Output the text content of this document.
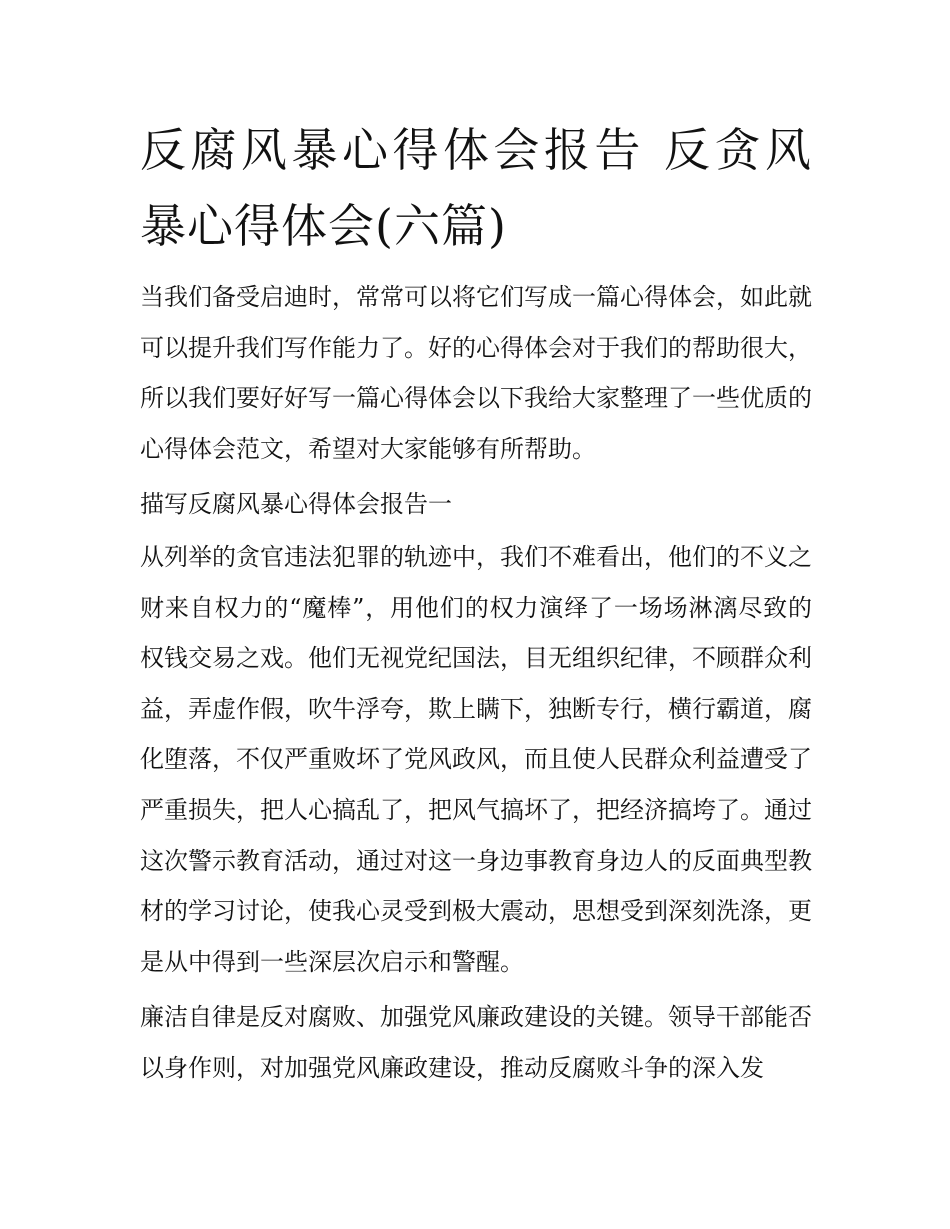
反腐风暴心得体会报告 反贪风暴心得体会(六篇)

当我们备受启迪时，常常可以将它们写成一篇心得体会，如此就可以提升我们写作能力了。好的心得体会对于我们的帮助很大，所以我们要好好写一篇心得体会以下我给大家整理了一些优质的心得体会范文，希望对大家能够有所帮助。

描写反腐风暴心得体会报告一

从列举的贪官违法犯罪的轨迹中，我们不难看出，他们的不义之财来自权力的“魔棒”，用他们的权力演绎了一场场淋漓尽致的权钱交易之戏。他们无视党纪国法，目无组织纪律，不顾群众利益，弄虚作假，吹牛浮夸，欺上瞒下，独断专行，横行霸道，腐化堕落，不仅严重败坏了党风政风，而且使人民群众利益遭受了严重损失，把人心搞乱了，把风气搞坏了，把经济搞垮了。通过这次警示教育活动，通过对这一身边事教育身边人的反面典型教材的学习讨论，使我心灵受到极大震动，思想受到深刻洗涤，更是从中得到一些深层次启示和警醒。

廉洁自律是反对腐败、加强党风廉政建设的关键。领导干部能否以身作则，对加强党风廉政建设，推动反腐败斗争的深入发
